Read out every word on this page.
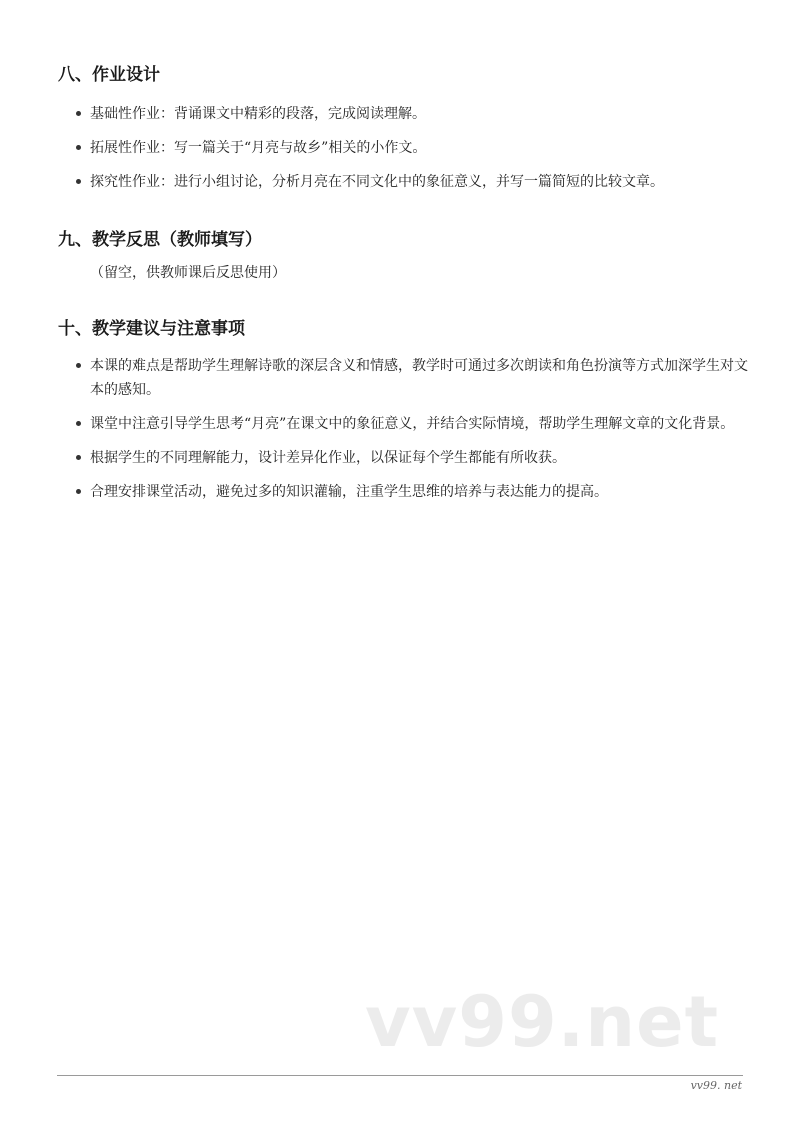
八、作业设计
基础性作业：背诵课文中精彩的段落，完成阅读理解。
拓展性作业：写一篇关于“月亮与故乡”相关的小作文。
探究性作业：进行小组讨论，分析月亮在不同文化中的象征意义，并写一篇简短的比较文章。
九、教学反思（教师填写）
（留空，供教师课后反思使用）
十、教学建议与注意事项
本课的难点是帮助学生理解诗歌的深层含义和情感，教学时可通过多次朗读和角色扮演等方式加深学生对文本的感知。
课堂中注意引导学生思考“月亮”在课文中的象征意义，并结合实际情境，帮助学生理解文章的文化背景。
根据学生的不同理解能力，设计差异化作业，以保证每个学生都能有所收获。
合理安排课堂活动，避免过多的知识灌输，注重学生思维的培养与表达能力的提高。
vv99.net
vv99. net
